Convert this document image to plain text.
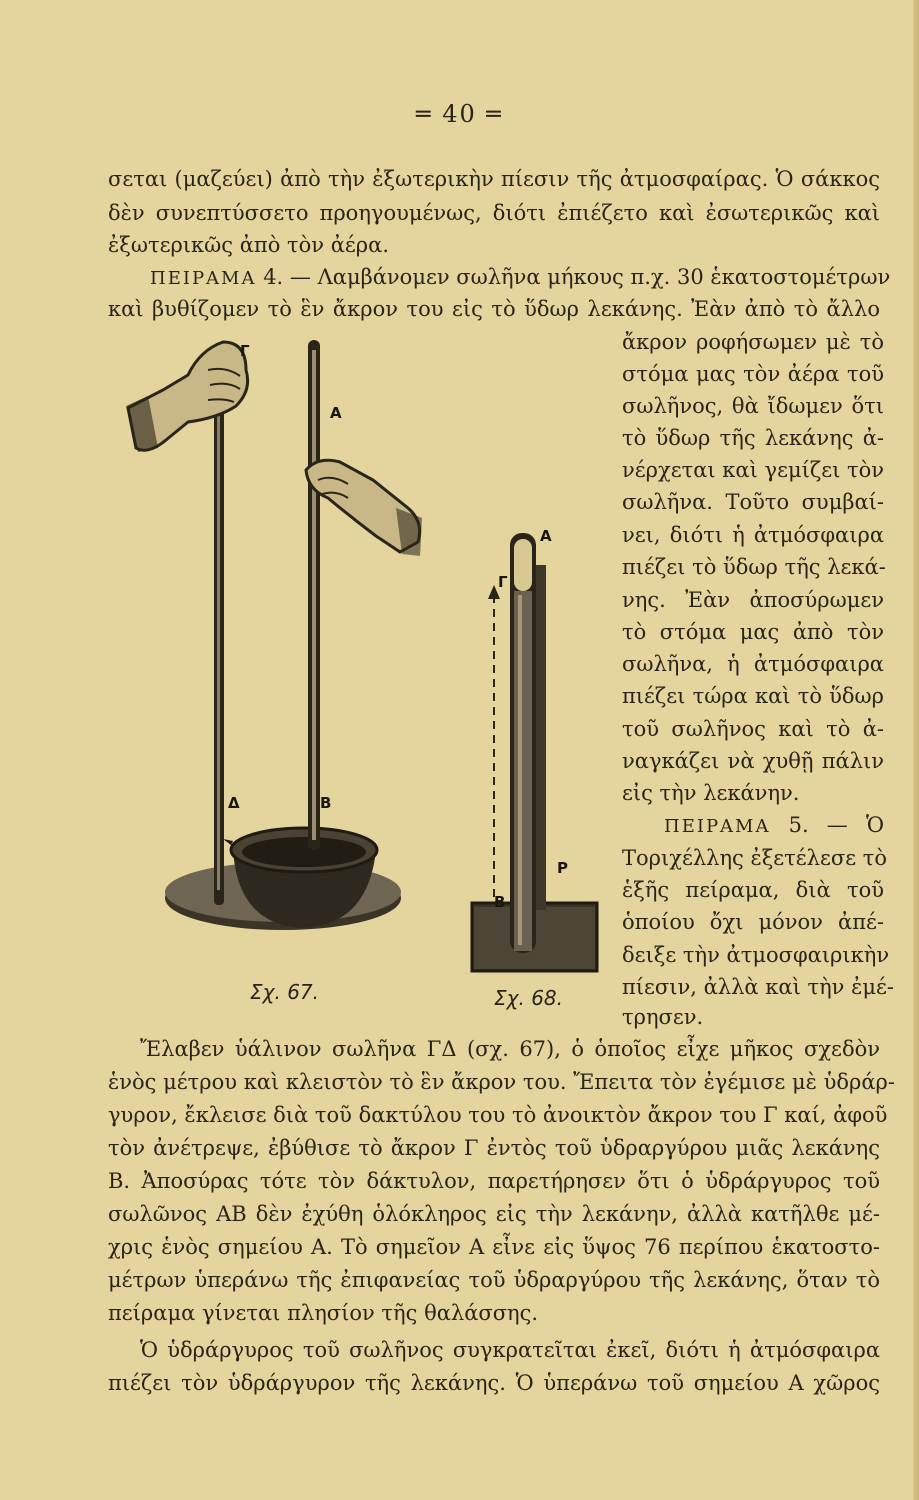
═ 40 ═
σεται (μαζεύει) ἀπὸ τὴν ἐξωτερικὴν πίεσιν τῆς ἀτμοσφαίρας. Ὁ σάκκος
δὲν συνεπτύσσετο προηγουμένως, διότι ἐπιέζετο καὶ ἐσωτερικῶς καὶ
ἐξωτερικῶς ἀπὸ τὸν ἀέρα.
ΠΕΙΡΑΜΑ 4. — Λαμβάνομεν σωλῆνα μήκους π.χ. 30 ἑκατοστομέτρων
καὶ βυθίζομεν τὸ ἓν ἄκρον του εἰς τὸ ὕδωρ λεκάνης. Ἐὰν ἀπὸ τὸ ἄλλο
ἄκρον ροφήσωμεν μὲ τὸ
στόμα μας τὸν ἀέρα τοῦ
σωλῆνος, θὰ ἴδωμεν ὅτι
τὸ ὕδωρ τῆς λεκάνης ἀ-
νέρχεται καὶ γεμίζει τὸν
σωλῆνα. Τοῦτο συμβαί-
νει, διότι ἡ ἀτμόσφαιρα
πιέζει τὸ ὕδωρ τῆς λεκά-
νης. Ἐὰν ἀποσύρωμεν
τὸ στόμα μας ἀπὸ τὸν
σωλῆνα, ἡ ἀτμόσφαιρα
πιέζει τώρα καὶ τὸ ὕδωρ
τοῦ σωλῆνος καὶ τὸ ἀ-
ναγκάζει νὰ χυθῇ πάλιν
εἰς τὴν λεκάνην.
ΠΕΙΡΑΜΑ 5. — Ὁ
Τοριχέλλης ἐξετέλεσε τὸ
ἑξῆς πείραμα, διὰ τοῦ
ὁποίου ὄχι μόνον ἀπέ-
δειξε τὴν ἀτμοσφαιρικὴν
πίεσιν, ἀλλὰ καὶ τὴν ἐμέ-
τρησεν.
Γ
Α
Δ	Β
Σχ. 67.
Α
Γ
Β
Ρ
Σχ. 68.
Ἔλαβεν ὑάλινον σωλῆνα ΓΔ (σχ. 67), ὁ ὁποῖος εἶχε μῆκος σχεδὸν
ἑνὸς μέτρου καὶ κλειστὸν τὸ ἓν ἄκρον του. Ἔπειτα τὸν ἐγέμισε μὲ ὑδράρ-
γυρον, ἔκλεισε διὰ τοῦ δακτύλου του τὸ ἀνοικτὸν ἄκρον του Γ καί, ἀφοῦ
τὸν ἀνέτρεψε, ἐβύθισε τὸ ἄκρον Γ ἐντὸς τοῦ ὑδραργύρου μιᾶς λεκάνης
Β. Ἀποσύρας τότε τὸν δάκτυλον, παρετήρησεν ὅτι ὁ ὑδράργυρος τοῦ
σωλῶνος ΑΒ δὲν ἐχύθη ὁλόκληρος εἰς τὴν λεκάνην, ἀλλὰ κατῆλθε μέ-
χρις ἑνὸς σημείου Α. Τὸ σημεῖον Α εἶνε εἰς ὕψος 76 περίπου ἑκατοστο-
μέτρων ὑπεράνω τῆς ἐπιφανείας τοῦ ὑδραργύρου τῆς λεκάνης, ὅταν τὸ
πείραμα γίνεται πλησίον τῆς θαλάσσης.
Ὁ ὑδράργυρος τοῦ σωλῆνος συγκρατεῖται ἐκεῖ, διότι ἡ ἀτμόσφαιρα
πιέζει τὸν ὑδράργυρον τῆς λεκάνης. Ὁ ὑπεράνω τοῦ σημείου Α χῶρος
